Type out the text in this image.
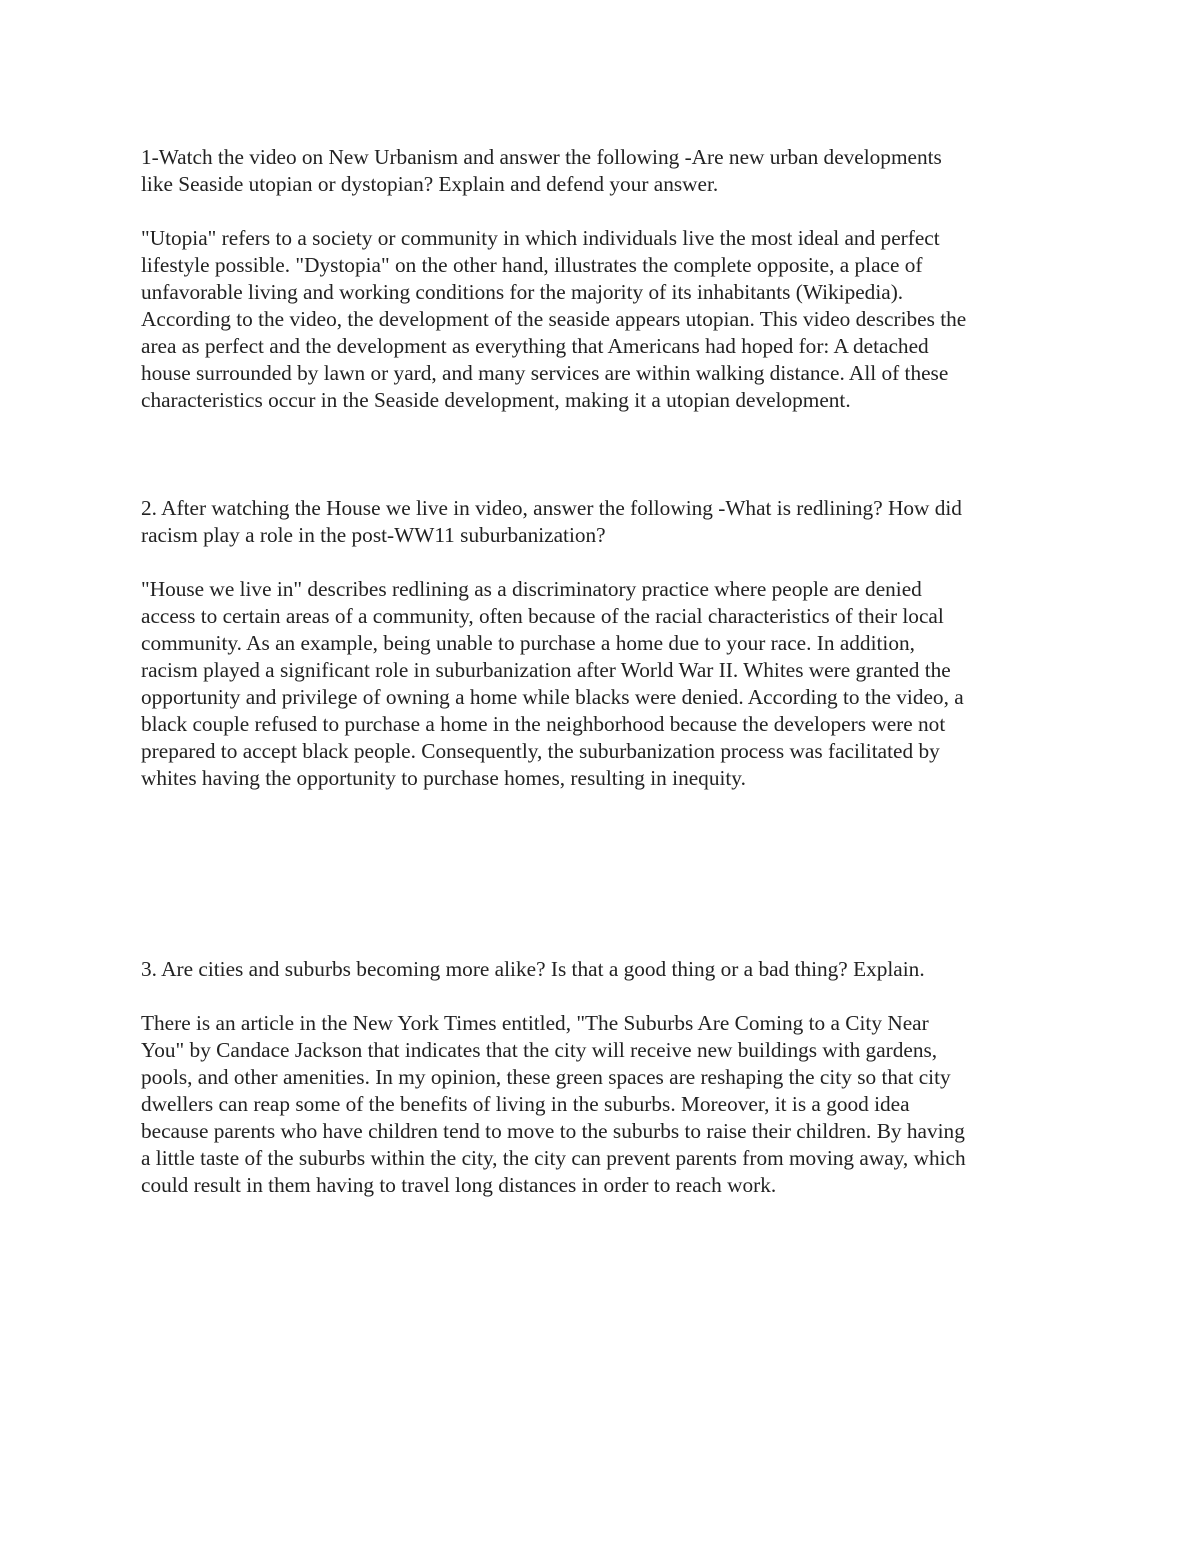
1-Watch the video on New Urbanism and answer the following -Are new urban developments

like Seaside utopian or dystopian? Explain and defend your answer.

"Utopia" refers to a society or community in which individuals live the most ideal and perfect

lifestyle possible. "Dystopia" on the other hand, illustrates the complete opposite, a place of

unfavorable living and working conditions for the majority of its inhabitants (Wikipedia).

According to the video, the development of the seaside appears utopian. This video describes the

area as perfect and the development as everything that Americans had hoped for: A detached

house surrounded by lawn or yard, and many services are within walking distance. All of these

characteristics occur in the Seaside development, making it a utopian development.

2. After watching the House we live in video, answer the following -What is redlining? How did

racism play a role in the post-WW11 suburbanization?

"House we live in" describes redlining as a discriminatory practice where people are denied

access to certain areas of a community, often because of the racial characteristics of their local

community. As an example, being unable to purchase a home due to your race. In addition,

racism played a significant role in suburbanization after World War II. Whites were granted the

opportunity and privilege of owning a home while blacks were denied. According to the video, a

black couple refused to purchase a home in the neighborhood because the developers were not

prepared to accept black people. Consequently, the suburbanization process was facilitated by

whites having the opportunity to purchase homes, resulting in inequity.

3. Are cities and suburbs becoming more alike? Is that a good thing or a bad thing? Explain.

There is an article in the New York Times entitled, "The Suburbs Are Coming to a City Near

You" by Candace Jackson that indicates that the city will receive new buildings with gardens,

pools, and other amenities. In my opinion, these green spaces are reshaping the city so that city

dwellers can reap some of the benefits of living in the suburbs. Moreover, it is a good idea

because parents who have children tend to move to the suburbs to raise their children. By having

a little taste of the suburbs within the city, the city can prevent parents from moving away, which

could result in them having to travel long distances in order to reach work.
